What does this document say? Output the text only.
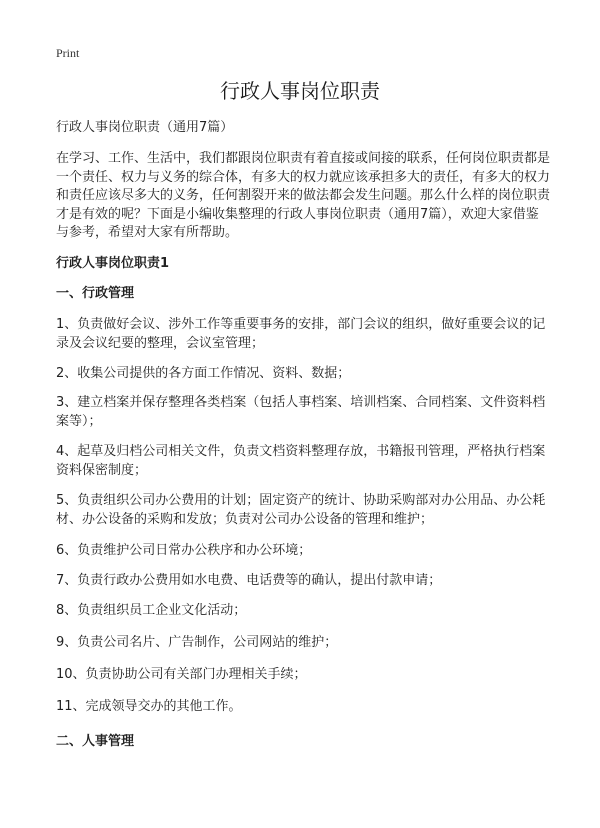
Print
行政人事岗位职责

行政人事岗位职责（通用7篇）

在学习、工作、生活中，我们都跟岗位职责有着直接或间接的联系，任何岗位职责都是一个责任、权力与义务的综合体，有多大的权力就应该承担多大的责任，有多大的权力和责任应该尽多大的义务，任何割裂开来的做法都会发生问题。那么什么样的岗位职责才是有效的呢？下面是小编收集整理的行政人事岗位职责（通用7篇），欢迎大家借鉴与参考，希望对大家有所帮助。

行政人事岗位职责1

一、行政管理

1、负责做好会议、涉外工作等重要事务的安排，部门会议的组织，做好重要会议的记录及会议纪要的整理，会议室管理；

2、收集公司提供的各方面工作情况、资料、数据；

3、建立档案并保存整理各类档案（包括人事档案、培训档案、合同档案、文件资料档案等）；

4、起草及归档公司相关文件，负责文档资料整理存放，书籍报刊管理，严格执行档案资料保密制度；

5、负责组织公司办公费用的计划；固定资产的统计、协助采购部对办公用品、办公耗材、办公设备的采购和发放；负责对公司办公设备的管理和维护；

6、负责维护公司日常办公秩序和办公环境；

7、负责行政办公费用如水电费、电话费等的确认，提出付款申请；

8、负责组织员工企业文化活动；

9、负责公司名片、广告制作，公司网站的维护；

10、负责协助公司有关部门办理相关手续；

11、完成领导交办的其他工作。

二、人事管理
